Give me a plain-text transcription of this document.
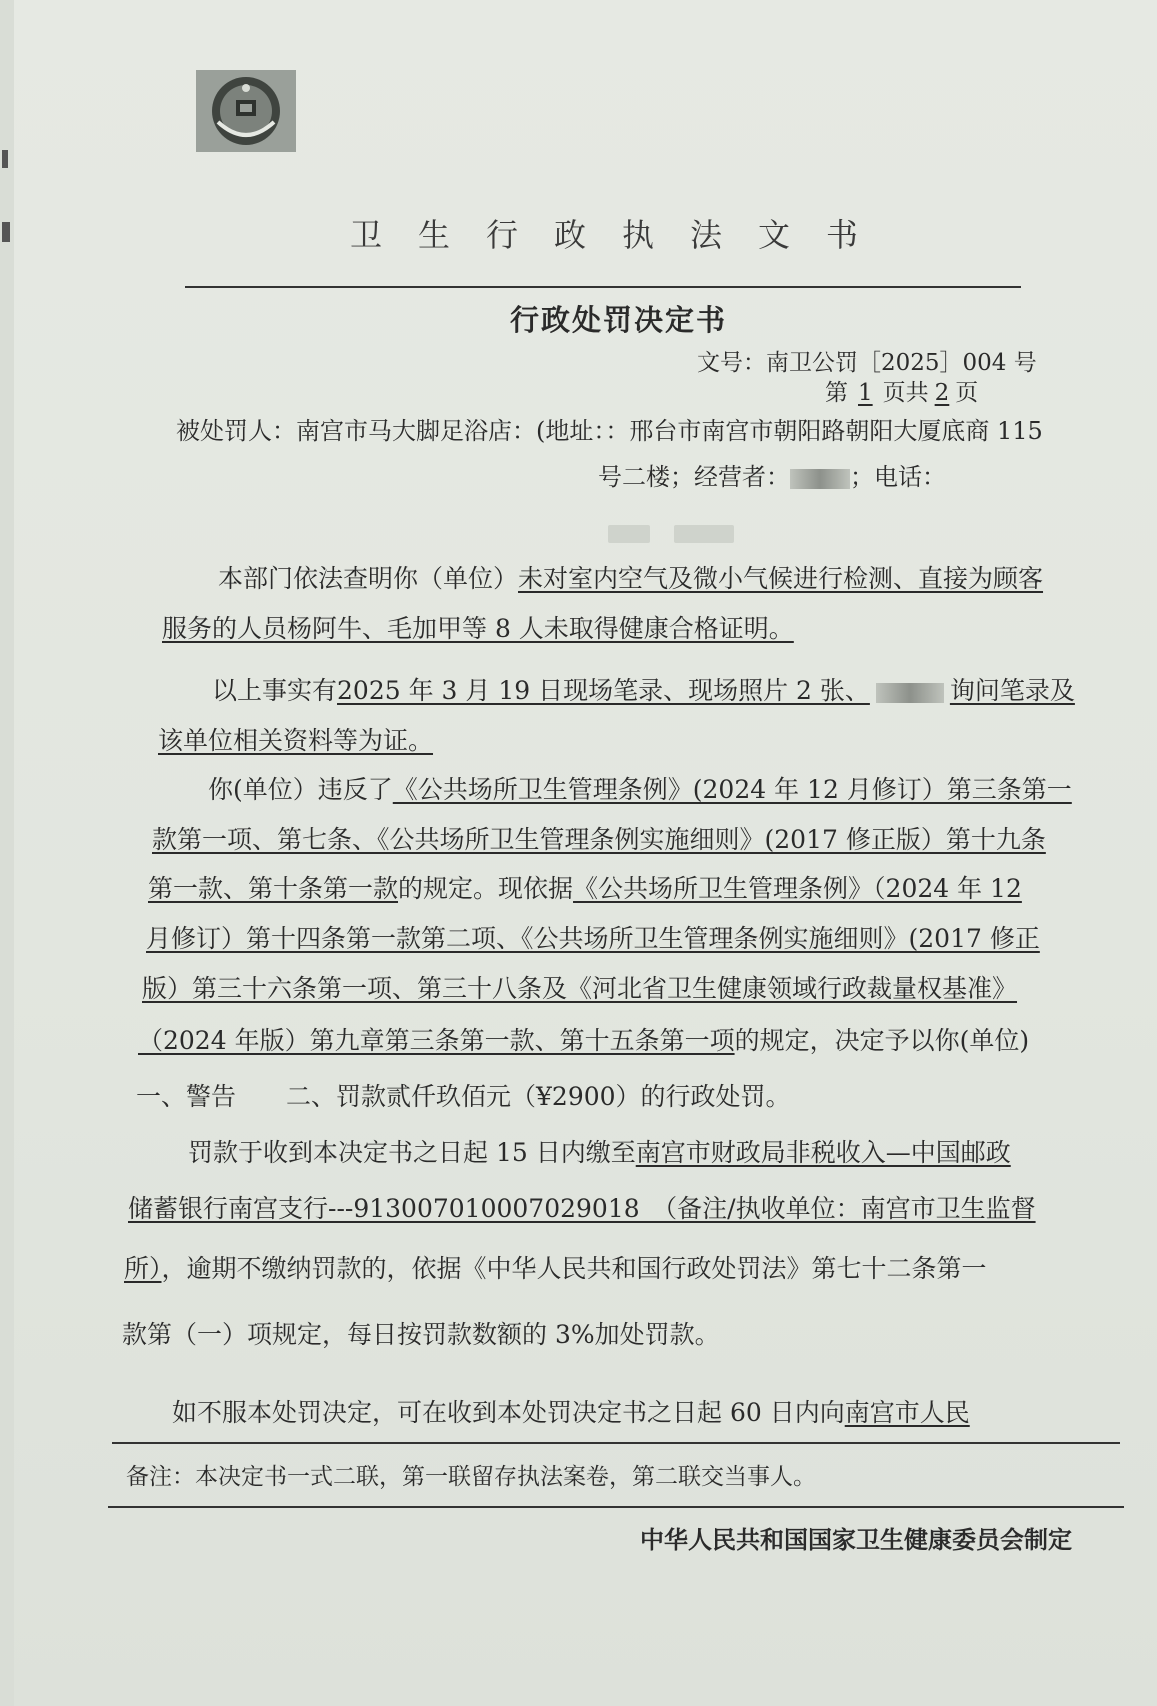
卫生行政执法文书
行政处罚决定书
文号：南卫公罚［2025］004 号
第 1 页共 2 页
被处罚人：南宫市马大脚足浴店：(地址：：邢台市南宫市朝阳路朝阳大厦底商 115
号二楼；经营者：	；电话：

本部门依法查明你（单位）未对室内空气及微小气候进行检测、直接为顾客
服务的人员杨阿牛、毛加甲等 8 人未取得健康合格证明。
以上事实有2025 年 3 月 19 日现场笔录、现场照片 2 张、	询问笔录及
该单位相关资料等为证。
你(单位）违反了《公共场所卫生管理条例》(2024 年 12 月修订）第三条第一
款第一项、第七条、《公共场所卫生管理条例实施细则》(2017 修正版）第十九条
第一款、第十条第一款的规定。现依据《公共场所卫生管理条例》（2024 年 12
月修订）第十四条第一款第二项、《公共场所卫生管理条例实施细则》(2017 修正
版）第三十六条第一项、第三十八条及《河北省卫生健康领域行政裁量权基准》
（2024 年版）第九章第三条第一款、第十五条第一项的规定，决定予以你(单位)
一、警告　　二、罚款贰仟玖佰元（¥2900）的行政处罚。
罚款于收到本决定书之日起 15 日内缴至南宫市财政局非税收入—中国邮政
储蓄银行南宫支行---913007010007029018　（备注/执收单位：南宫市卫生监督
所），逾期不缴纳罚款的，依据《中华人民共和国行政处罚法》第七十二条第一
款第（一）项规定，每日按罚款数额的 3%加处罚款。
如不服本处罚决定，可在收到本处罚决定书之日起 60 日内向南宫市人民
备注：本决定书一式二联，第一联留存执法案卷，第二联交当事人。
中华人民共和国国家卫生健康委员会制定
